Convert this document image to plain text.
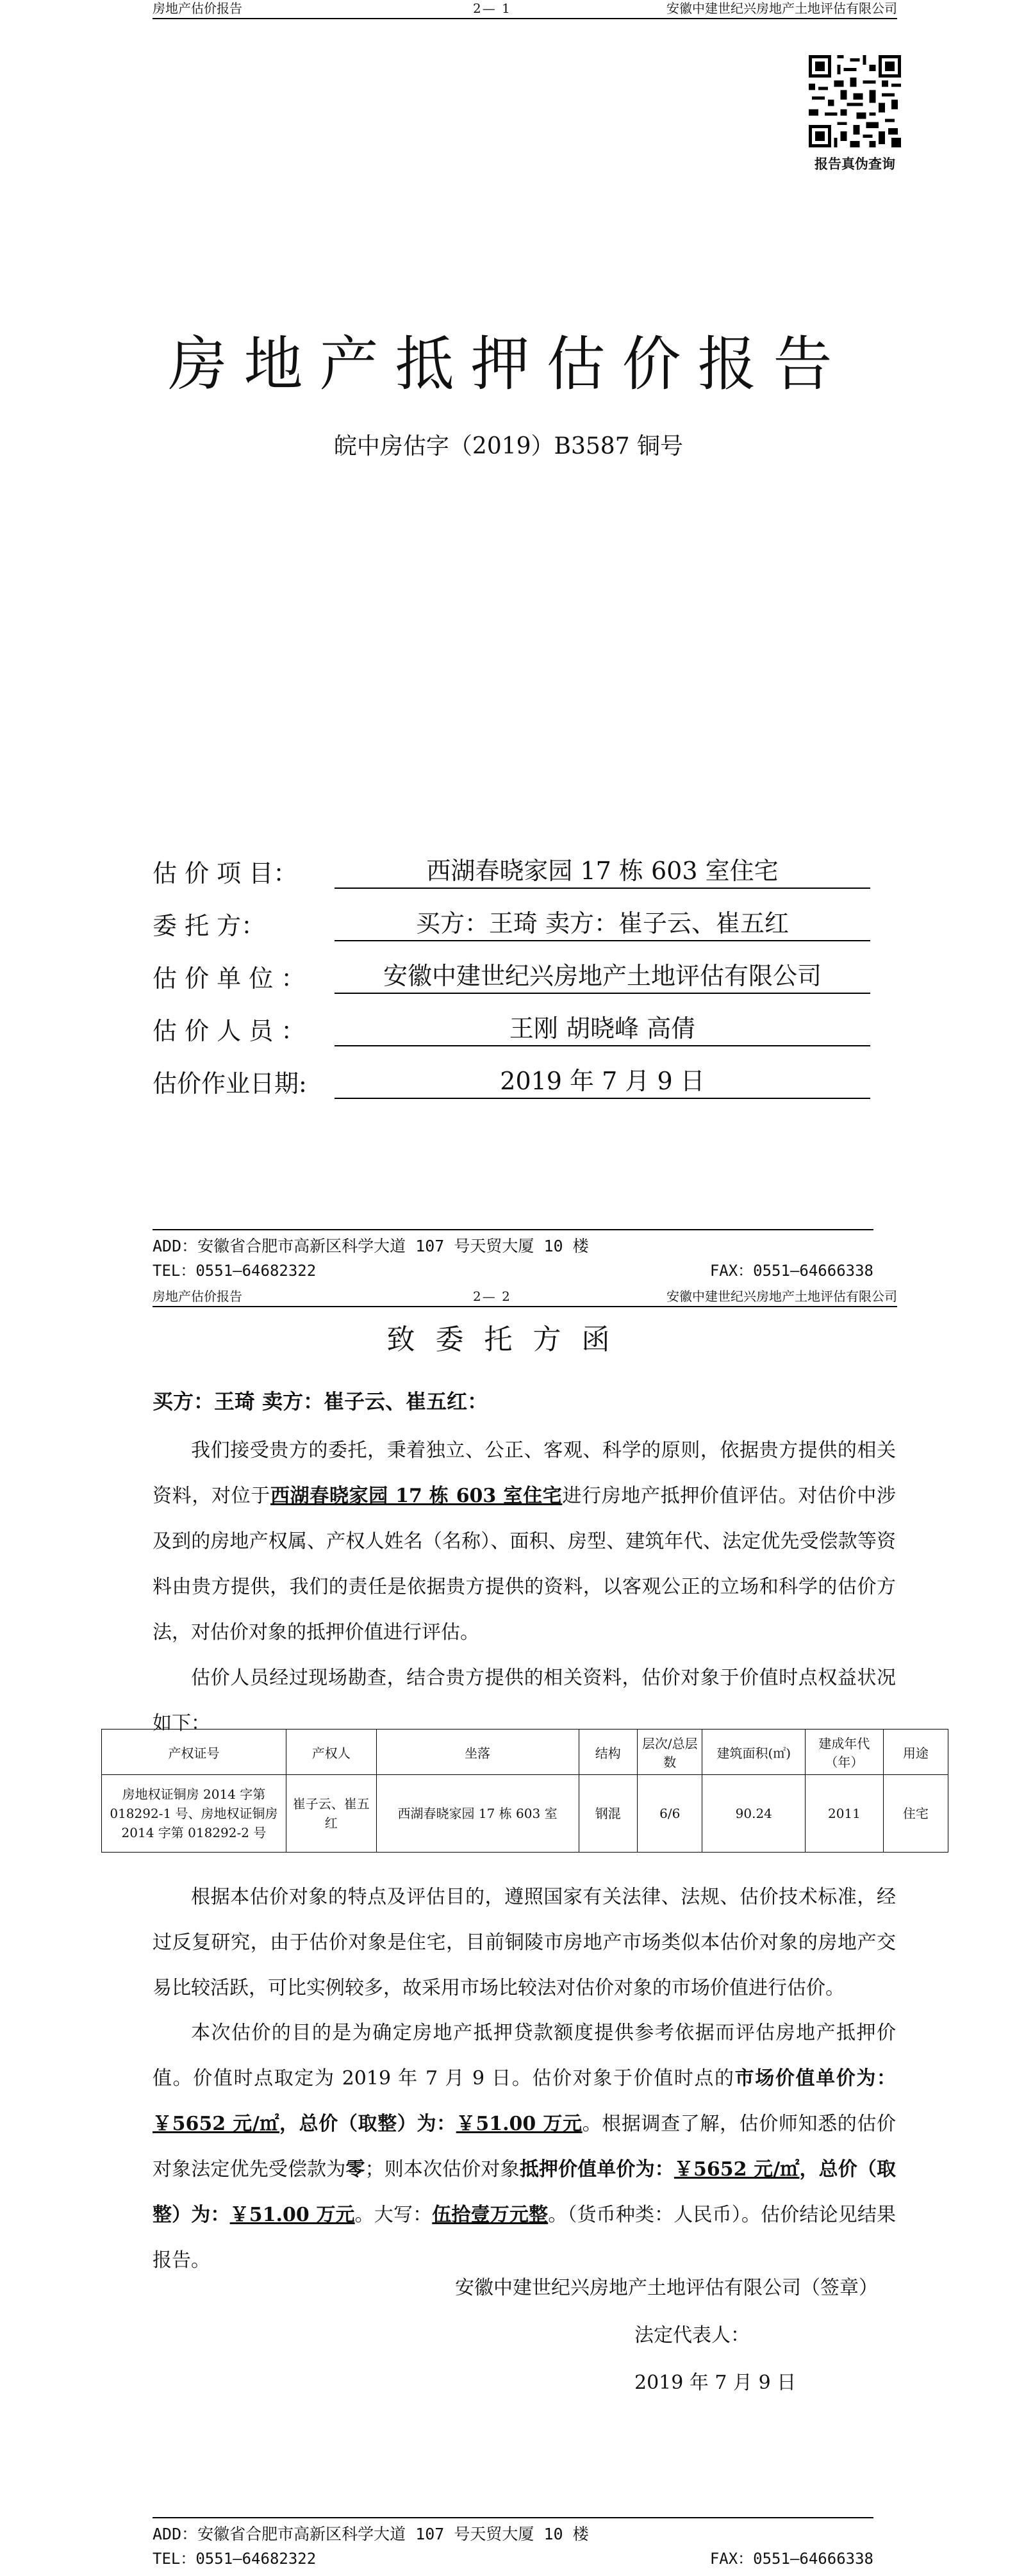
房地产估价报告	2— 1	安徽中建世纪兴房地产土地评估有限公司
报告真伪查询
房地产抵押估价报告
皖中房估字（2019）B3587 铜号
估 价 项 目：	西湖春晓家园 17 栋 603 室住宅
委 托 方：	买方：王琦 卖方：崔子云、崔五红
估 价 单 位 ：	安徽中建世纪兴房地产土地评估有限公司
估 价 人 员 ：	王刚 胡晓峰 高倩
估价作业日期:	2019 年 7 月 9 日
ADD：安徽省合肥市高新区科学大道 107 号天贸大厦 10 楼
TEL：0551—64682322	FAX：0551—64666338
房地产估价报告	2— 2	安徽中建世纪兴房地产土地评估有限公司
致委托方函
买方：王琦 卖方：崔子云、崔五红：
我们接受贵方的委托，秉着独立、公正、客观、科学的原则，依据贵方提供的相关资料，对位于西湖春晓家园 17 栋 603 室住宅进行房地产抵押价值评估。对估价中涉及到的房地产权属、产权人姓名（名称）、面积、房型、建筑年代、法定优先受偿款等资料由贵方提供，我们的责任是依据贵方提供的资料，以客观公正的立场和科学的估价方法，对估价对象的抵押价值进行评估。
估价人员经过现场勘查，结合贵方提供的相关资料，估价对象于价值时点权益状况如下：
产权证号	产权人	坐落	结构	层次/总层数	建筑面积(㎡)	建成年代（年）	用途
房地权证铜房 2014 字第 018292-1 号、房地权证铜房 2014 字第 018292-2 号	崔子云、崔五红	西湖春晓家园 17 栋 603 室	钢混	6/6	90.24	2011	住宅
根据本估价对象的特点及评估目的，遵照国家有关法律、法规、估价技术标准，经过反复研究，由于估价对象是住宅，目前铜陵市房地产市场类似本估价对象的房地产交易比较活跃，可比实例较多，故采用市场比较法对估价对象的市场价值进行估价。
本次估价的目的是为确定房地产抵押贷款额度提供参考依据而评估房地产抵押价值。价值时点取定为 2019 年 7 月 9 日。估价对象于价值时点的市场价值单价为：￥5652 元/㎡，总价（取整）为：￥51.00 万元。根据调查了解，估价师知悉的估价对象法定优先受偿款为零；则本次估价对象抵押价值单价为：￥5652 元/㎡，总价（取整）为：￥51.00 万元。大写：伍拾壹万元整。（货币种类：人民币）。估价结论见结果报告。
安徽中建世纪兴房地产土地评估有限公司（签章）
法定代表人：
2019 年 7 月 9 日
ADD：安徽省合肥市高新区科学大道 107 号天贸大厦 10 楼
TEL：0551—64682322	FAX：0551—64666338
